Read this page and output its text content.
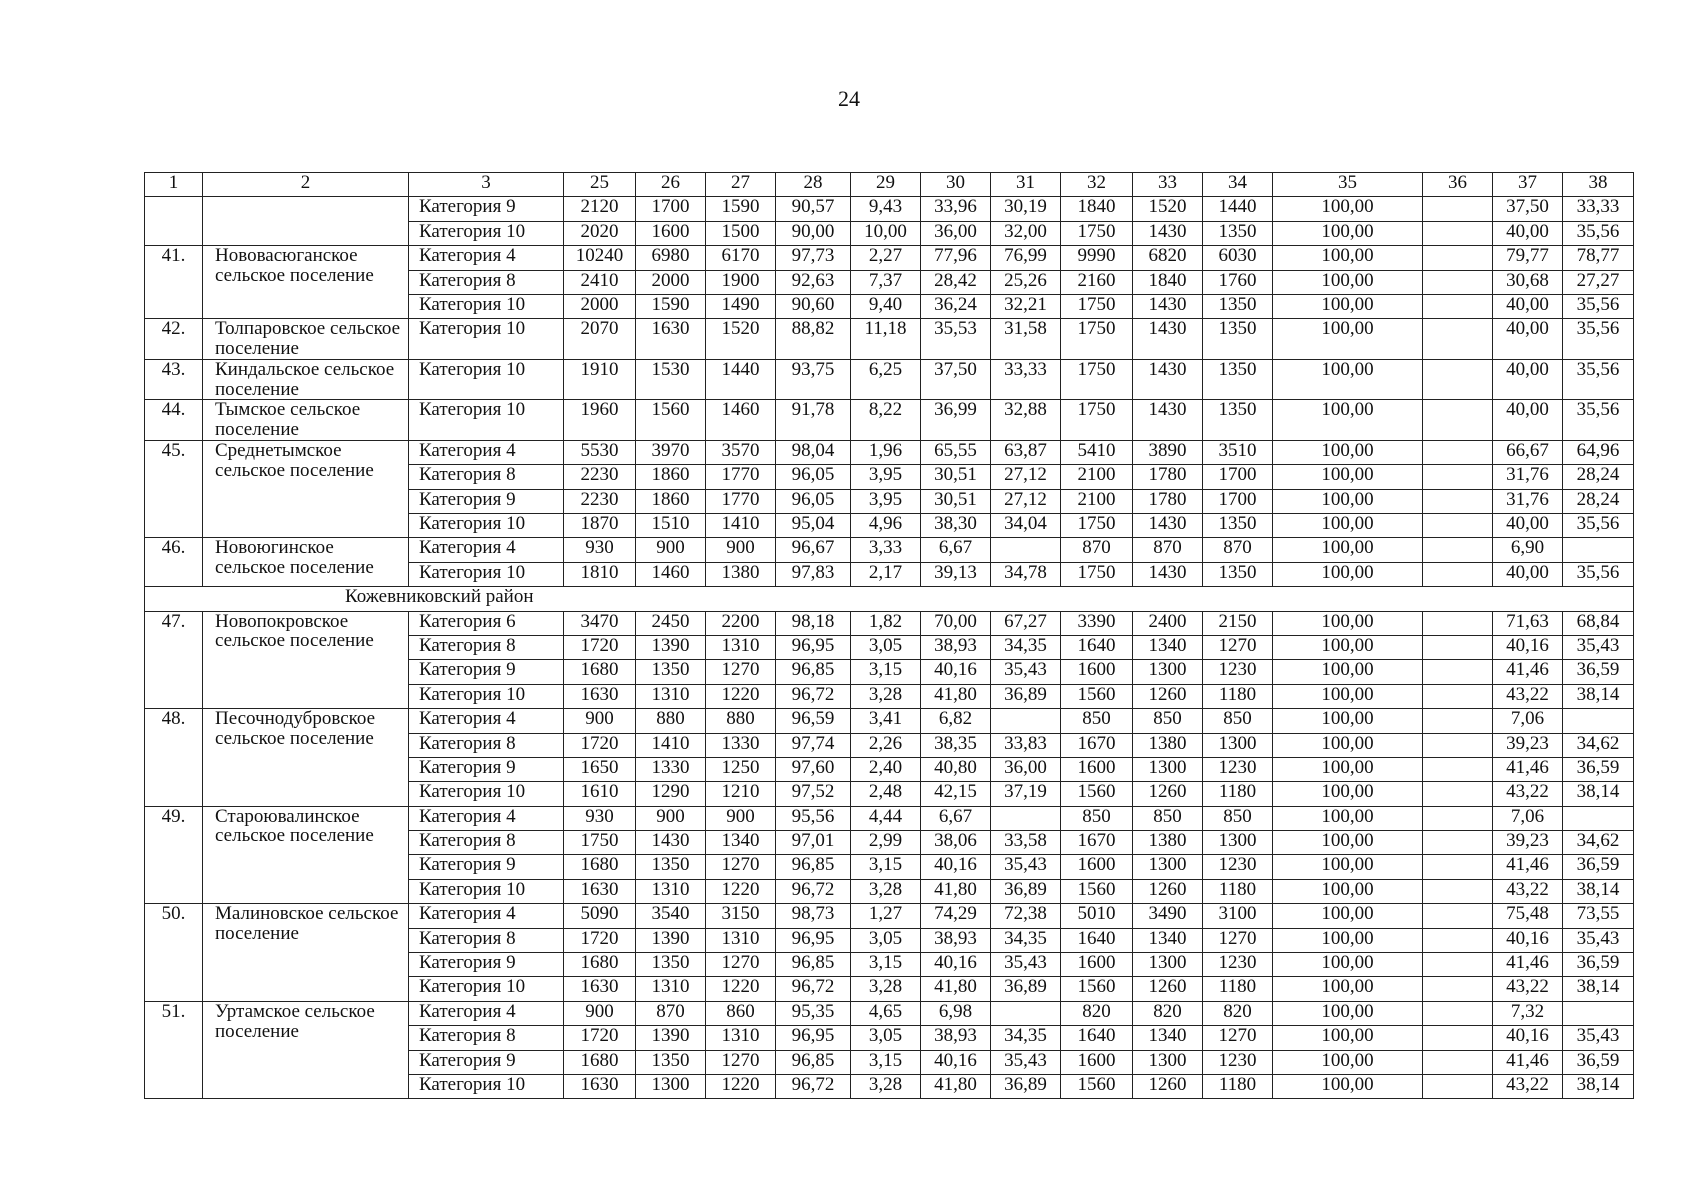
24
1	2	3	25	26	27	28	29	30	31	32	33	34	35	36	37	38
		Категория 9	2120	1700	1590	90,57	9,43	33,96	30,19	1840	1520	1440	100,00		37,50	33,33
		Категория 10	2020	1600	1500	90,00	10,00	36,00	32,00	1750	1430	1350	100,00		40,00	35,56
41.	Нововасюганское сельское поселение	Категория 4	10240	6980	6170	97,73	2,27	77,96	76,99	9990	6820	6030	100,00		79,77	78,77
		Категория 8	2410	2000	1900	92,63	7,37	28,42	25,26	2160	1840	1760	100,00		30,68	27,27
		Категория 10	2000	1590	1490	90,60	9,40	36,24	32,21	1750	1430	1350	100,00		40,00	35,56
42.	Толпаровское сельское поселение	Категория 10	2070	1630	1520	88,82	11,18	35,53	31,58	1750	1430	1350	100,00		40,00	35,56
43.	Киндальское сельское поселение	Категория 10	1910	1530	1440	93,75	6,25	37,50	33,33	1750	1430	1350	100,00		40,00	35,56
44.	Тымское сельское поселение	Категория 10	1960	1560	1460	91,78	8,22	36,99	32,88	1750	1430	1350	100,00		40,00	35,56
45.	Среднетымское сельское поселение	Категория 4	5530	3970	3570	98,04	1,96	65,55	63,87	5410	3890	3510	100,00		66,67	64,96
		Категория 8	2230	1860	1770	96,05	3,95	30,51	27,12	2100	1780	1700	100,00		31,76	28,24
		Категория 9	2230	1860	1770	96,05	3,95	30,51	27,12	2100	1780	1700	100,00		31,76	28,24
		Категория 10	1870	1510	1410	95,04	4,96	38,30	34,04	1750	1430	1350	100,00		40,00	35,56
46.	Новоюгинское сельское поселение	Категория 4	930	900	900	96,67	3,33	6,67		870	870	870	100,00		6,90	
		Категория 10	1810	1460	1380	97,83	2,17	39,13	34,78	1750	1430	1350	100,00		40,00	35,56
Кожевниковский район																
47.	Новопокровское сельское поселение	Категория 6	3470	2450	2200	98,18	1,82	70,00	67,27	3390	2400	2150	100,00		71,63	68,84
		Категория 8	1720	1390	1310	96,95	3,05	38,93	34,35	1640	1340	1270	100,00		40,16	35,43
		Категория 9	1680	1350	1270	96,85	3,15	40,16	35,43	1600	1300	1230	100,00		41,46	36,59
		Категория 10	1630	1310	1220	96,72	3,28	41,80	36,89	1560	1260	1180	100,00		43,22	38,14
48.	Песочнодубровское сельское поселение	Категория 4	900	880	880	96,59	3,41	6,82		850	850	850	100,00		7,06	
		Категория 8	1720	1410	1330	97,74	2,26	38,35	33,83	1670	1380	1300	100,00		39,23	34,62
		Категория 9	1650	1330	1250	97,60	2,40	40,80	36,00	1600	1300	1230	100,00		41,46	36,59
		Категория 10	1610	1290	1210	97,52	2,48	42,15	37,19	1560	1260	1180	100,00		43,22	38,14
49.	Староювалинское сельское поселение	Категория 4	930	900	900	95,56	4,44	6,67		850	850	850	100,00		7,06	
		Категория 8	1750	1430	1340	97,01	2,99	38,06	33,58	1670	1380	1300	100,00		39,23	34,62
		Категория 9	1680	1350	1270	96,85	3,15	40,16	35,43	1600	1300	1230	100,00		41,46	36,59
		Категория 10	1630	1310	1220	96,72	3,28	41,80	36,89	1560	1260	1180	100,00		43,22	38,14
50.	Малиновское сельское поселение	Категория 4	5090	3540	3150	98,73	1,27	74,29	72,38	5010	3490	3100	100,00		75,48	73,55
		Категория 8	1720	1390	1310	96,95	3,05	38,93	34,35	1640	1340	1270	100,00		40,16	35,43
		Категория 9	1680	1350	1270	96,85	3,15	40,16	35,43	1600	1300	1230	100,00		41,46	36,59
		Категория 10	1630	1310	1220	96,72	3,28	41,80	36,89	1560	1260	1180	100,00		43,22	38,14
51.	Уртамское сельское поселение	Категория 4	900	870	860	95,35	4,65	6,98		820	820	820	100,00		7,32	
		Категория 8	1720	1390	1310	96,95	3,05	38,93	34,35	1640	1340	1270	100,00		40,16	35,43
		Категория 9	1680	1350	1270	96,85	3,15	40,16	35,43	1600	1300	1230	100,00		41,46	36,59
		Категория 10	1630	1300	1220	96,72	3,28	41,80	36,89	1560	1260	1180	100,00		43,22	38,14
